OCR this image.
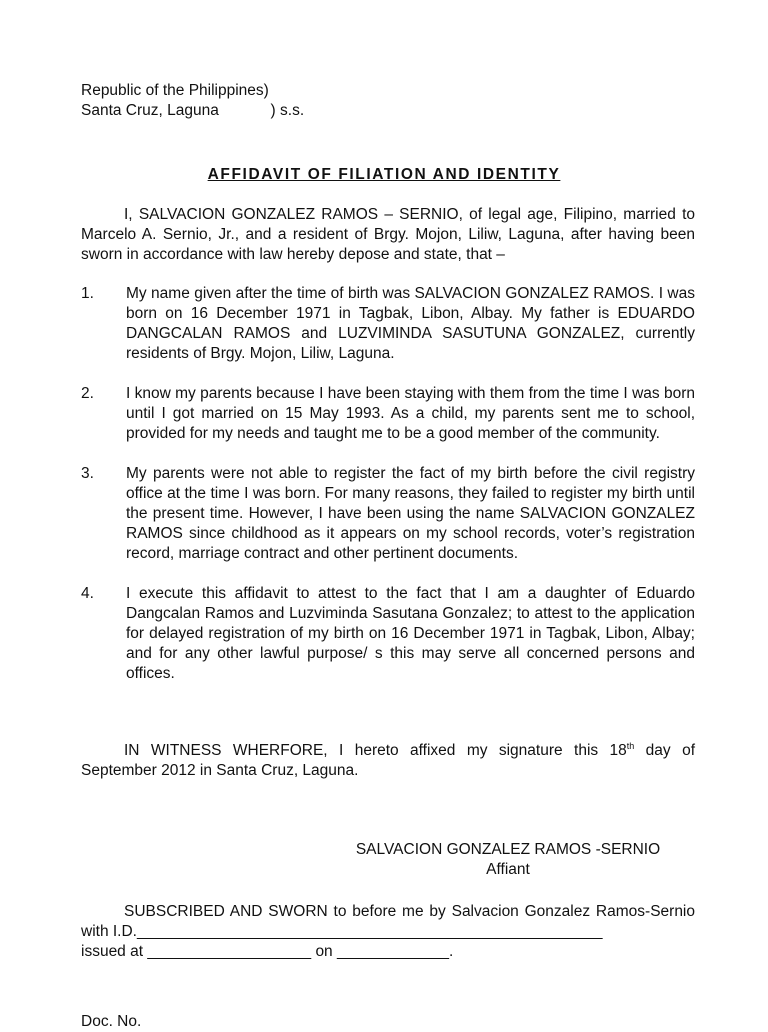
Republic of the Philippines)
Santa Cruz, Laguna            ) s.s.
AFFIDAVIT OF FILIATION AND IDENTITY
I, SALVACION GONZALEZ RAMOS – SERNIO, of legal age, Filipino, married to Marcelo A. Sernio, Jr., and a resident of Brgy. Mojon, Liliw, Laguna, after having been sworn in accordance with law hereby depose and state, that –
1. My name given after the time of birth was SALVACION GONZALEZ RAMOS. I was born on 16 December 1971 in Tagbak, Libon, Albay. My father is EDUARDO DANGCALAN RAMOS and LUZVIMINDA SASUTUNA GONZALEZ, currently residents of Brgy. Mojon, Liliw, Laguna.
2. I know my parents because I have been staying with them from the time I was born until I got married on 15 May 1993. As a child, my parents sent me to school, provided for my needs and taught me to be a good member of the community.
3. My parents were not able to register the fact of my birth before the civil registry office at the time I was born. For many reasons, they failed to register my birth until the present time. However, I have been using the name SALVACION GONZALEZ RAMOS since childhood as it appears on my school records, voter’s registration record, marriage contract and other pertinent documents.
4. I execute this affidavit to attest to the fact that I am a daughter of Eduardo Dangcalan Ramos and Luzviminda Sasutana Gonzalez; to attest to the application for delayed registration of my birth on 16 December 1971 in Tagbak, Libon, Albay; and for any other lawful purpose/ s this may serve all concerned persons and offices.
IN WITNESS WHERFORE, I hereto affixed my signature this 18th day of September 2012 in Santa Cruz, Laguna.
SALVACION GONZALEZ RAMOS -SERNIO
Affiant
SUBSCRIBED AND SWORN to before me by Salvacion Gonzalez Ramos-Sernio with I.D.______________________________________________________
issued at ___________________ on _____________.
Doc. No.
